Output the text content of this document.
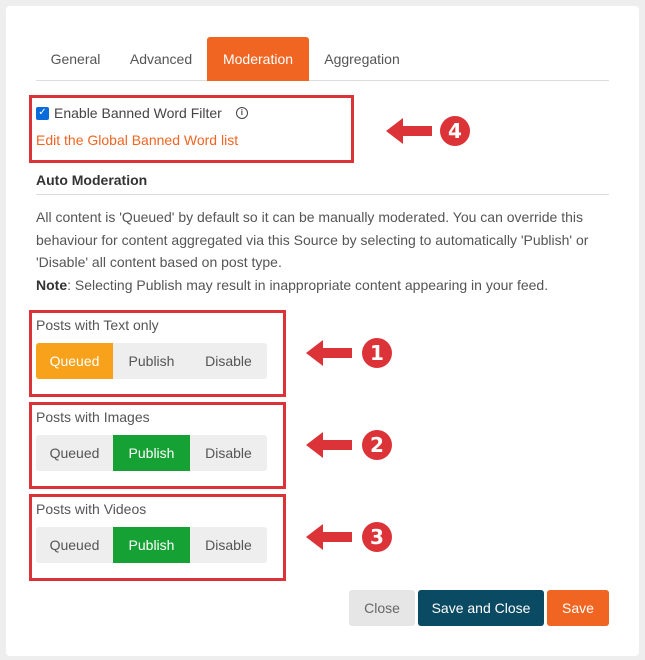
General	Advanced	Moderation	Aggregation
✓ Enable Banned Word Filter	i
Edit the Global Banned Word list	4
Auto Moderation
All content is 'Queued' by default so it can be manually moderated. You can override this behaviour for content aggregated via this Source by selecting to automatically 'Publish' or 'Disable' all content based on post type.
Note: Selecting Publish may result in inappropriate content appearing in your feed.
Posts with Text only
Queued	Publish	Disable	1
Posts with Images
Queued	Publish	Disable	2
Posts with Videos
Queued	Publish	Disable	3
Close	Save and Close	Save
